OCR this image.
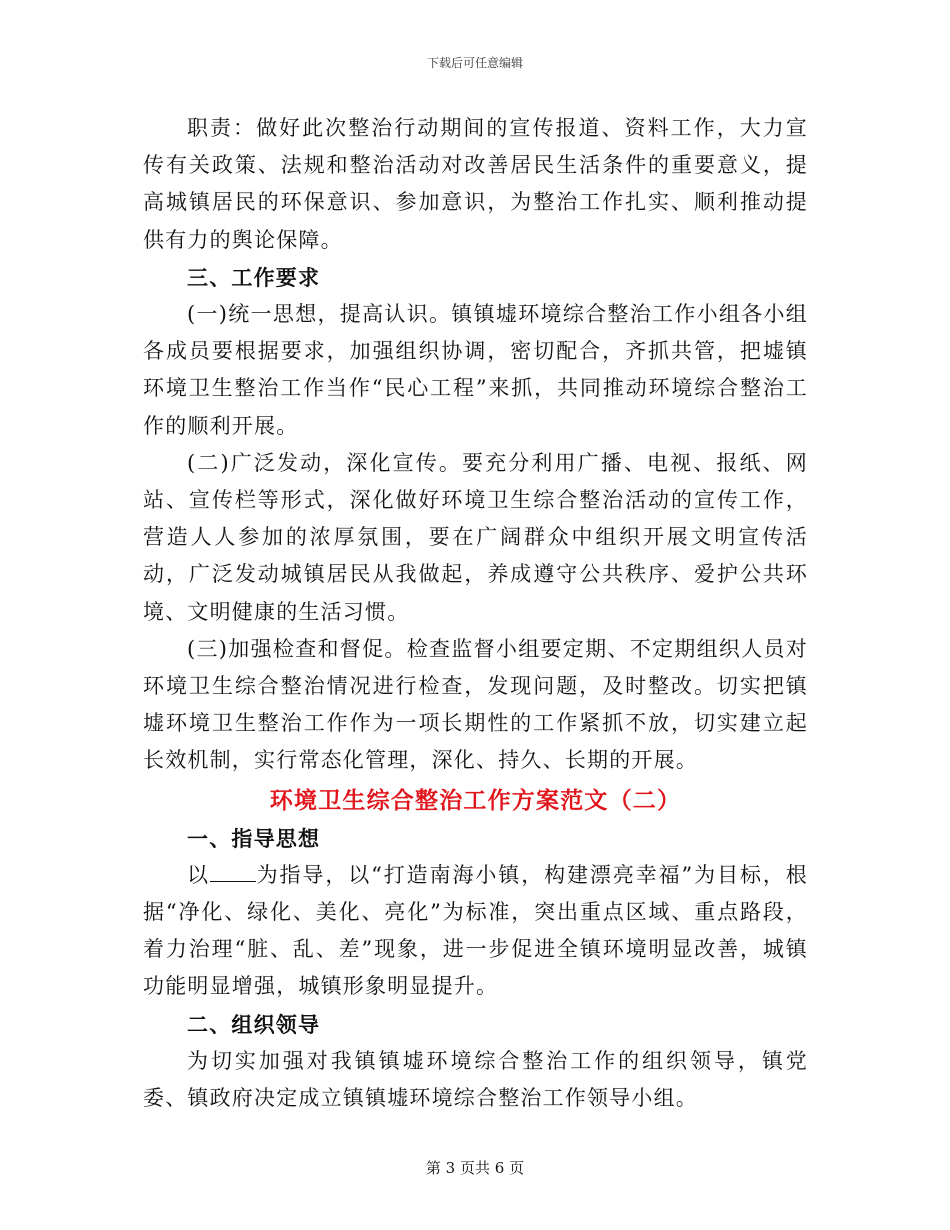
下载后可任意编辑

职责：做好此次整治行动期间的宣传报道、资料工作，大力宣传有关政策、法规和整治活动对改善居民生活条件的重要意义，提高城镇居民的环保意识、参加意识，为整治工作扎实、顺利推动提供有力的舆论保障。

三、工作要求

(一)统一思想，提高认识。镇镇墟环境综合整治工作小组各小组各成员要根据要求，加强组织协调，密切配合，齐抓共管，把墟镇环境卫生整治工作当作“民心工程”来抓，共同推动环境综合整治工作的顺利开展。

(二)广泛发动，深化宣传。要充分利用广播、电视、报纸、网站、宣传栏等形式，深化做好环境卫生综合整治活动的宣传工作，营造人人参加的浓厚氛围，要在广阔群众中组织开展文明宣传活动，广泛发动城镇居民从我做起，养成遵守公共秩序、爱护公共环境、文明健康的生活习惯。

(三)加强检查和督促。检查监督小组要定期、不定期组织人员对环境卫生综合整治情况进行检查，发现问题，及时整改。切实把镇墟环境卫生整治工作作为一项长期性的工作紧抓不放，切实建立起长效机制，实行常态化管理，深化、持久、长期的开展。

环境卫生综合整治工作方案范文（二）

一、指导思想

以 为指导，以“打造南海小镇，构建漂亮幸福”为目标，根据“净化、绿化、美化、亮化”为标准，突出重点区域、重点路段，着力治理“脏、乱、差”现象，进一步促进全镇环境明显改善，城镇功能明显增强，城镇形象明显提升。

二、组织领导

为切实加强对我镇镇墟环境综合整治工作的组织领导，镇党委、镇政府决定成立镇镇墟环境综合整治工作领导小组。

第 3 页共 6 页
